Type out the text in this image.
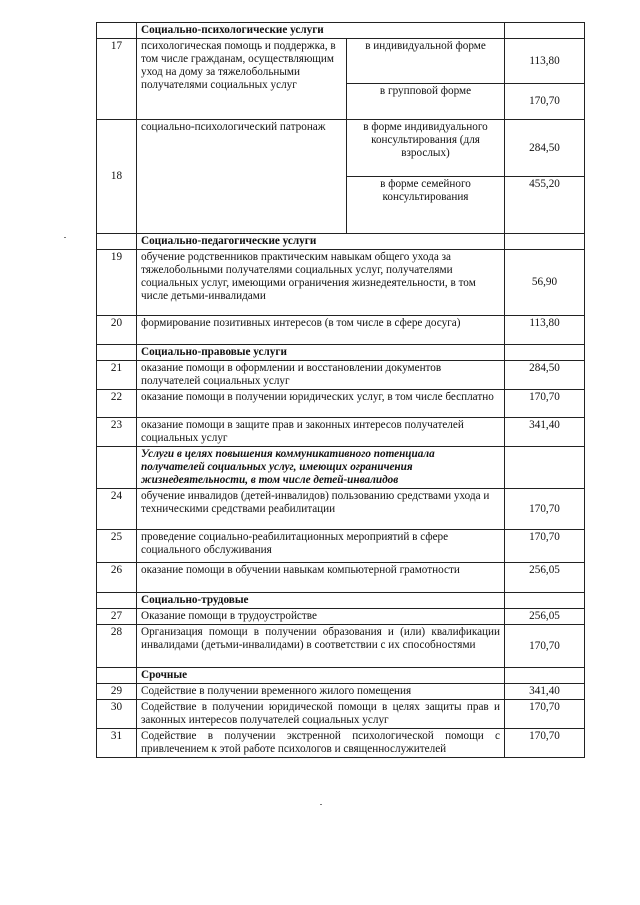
	Социально-психологические услуги		
17	психологическая помощь и поддержка, в том числе гражданам, осуществляющим уход на дому за тяжелобольными получателями социальных услуг	в индивидуальной форме	113,80
		в групповой форме	170,70
18	социально-психологический патронаж	в форме индивидуального консультирования (для взрослых)	284,50
		в форме семейного консультирования	455,20
	Социально-педагогические услуги		
19	обучение родственников практическим навыкам общего ухода за тяжелобольными получателями социальных услуг, получателями социальных услуг, имеющими ограничения жизнедеятельности, в том числе детьми-инвалидами		56,90
20	формирование позитивных интересов (в том числе в сфере досуга)		113,80
	Социально-правовые услуги		
21	оказание помощи в оформлении и восстановлении документов получателей социальных услуг		284,50
22	оказание помощи в получении юридических услуг, в том числе бесплатно		170,70
23	оказание помощи в защите прав и законных интересов получателей социальных услуг		341,40
	Услуги в целях повышения коммуникативного потенциала получателей социальных услуг, имеющих ограничения жизнедеятельности, в том числе детей-инвалидов		
24	обучение инвалидов (детей-инвалидов) пользованию средствами ухода и техническими средствами реабилитации		170,70
25	проведение социально-реабилитационных мероприятий в сфере социального обслуживания		170,70
26	оказание помощи в обучении навыкам компьютерной грамотности		256,05
	Социально-трудовые		
27	Оказание помощи в трудоустройстве		256,05
28	Организация помощи в получении образования и (или) квалификации инвалидами (детьми-инвалидами) в соответствии с их способностями		170,70
	Срочные		
29	Содействие в получении временного жилого помещения		341,40
30	Содействие в получении юридической помощи в целях защиты прав и законных интересов получателей социальных услуг		170,70
31	Содействие в получении экстренной психологической помощи с привлечением к этой работе психологов и священнослужителей		170,70
